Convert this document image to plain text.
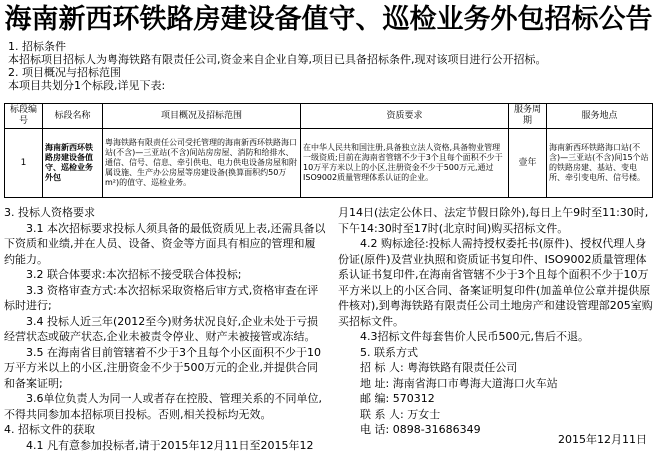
海南新西环铁路房建设备值守、巡检业务外包招标公告
1. 招标条件
本招标项目招标人为粤海铁路有限责任公司,资金来自企业自筹,项目已具备招标条件,现对该项目进行公开招标。
2. 项目概况与招标范围
本项目共划分1个标段,详见下表:
标段编号	标段名称	项目概况及招标范围	资质要求	服务周期	服务地点
1	海南新西环铁路房建设备值守、巡检业务外包	粤海铁路有限责任公司受托管理的海南新西环铁路海口站(不含)—三亚站(不含)间站房房屋、消防和给排水、通信、信号、信息、牵引供电、电力供电设备房屋和附属设施、生产办公房屋等房建设备(换算面积约50万m²)的值守、巡检业务。	在中华人民共和国注册,具备独立法人资格,具备物业管理一级资质;目前在海南省管辖不少于3个且每个面积不少于10万平方米以上的小区,注册资金不少于500万元,通过ISO9002质量管理体系认证的企业。	壹年	海南新西环铁路海口站(不含)—三亚站(不含)间15个站的铁路房建、基站、变电所、牵引变电所、信号楼。

3. 投标人资格要求

3.1 本次招标要求投标人须具备的最低资质见上表,还需具备以下资质和业绩,并在人员、设备、资金等方面具有相应的管理和履约能力。

3.2 联合体要求:本次招标不接受联合体投标;

3.3 资格审查方式:本次招标采取资格后审方式,资格审查在评标时进行;

3.4 投标人近三年(2012至今)财务状况良好,企业未处于亏损经营状态或破产状态,企业未被责令停业、财产未被接管或冻结。

3.5 在海南省目前管辖着不少于3个且每个小区面积不少于10万平方米以上的小区,注册资金不少于500万元的企业,并提供合同和备案证明;

3.6单位负责人为同一人或者存在控股、管理关系的不同单位,不得共同参加本招标项目投标。否则,相关投标均无效。

4. 招标文件的获取

4.1 凡有意参加投标者,请于2015年12月11日至2015年12

月14日(法定公休日、法定节假日除外),每日上午9时至11:30时,下午14:30时至17时(北京时间)购买招标文件。

4.2 购标途径:投标人需持授权委托书(原件)、授权代理人身份证(原件)及营业执照和资质证书复印件、ISO9002质量管理体系认证书复印件,在海南省管辖不少于3个且每个面积不少于10万平方米以上的小区合同、备案证明复印件(加盖单位公章并提供原件核对),到粤海铁路有限责任公司土地房产和建设管理部205室购买招标文件。

4.3招标文件每套售价人民币500元,售后不退。

5. 联系方式

招 标 人: 粤海铁路有限责任公司
地 址: 海南省海口市粤海大道海口火车站
邮 编: 570312
联 系 人: 万女士
电 话: 0898-31686349
2015年12月11日
